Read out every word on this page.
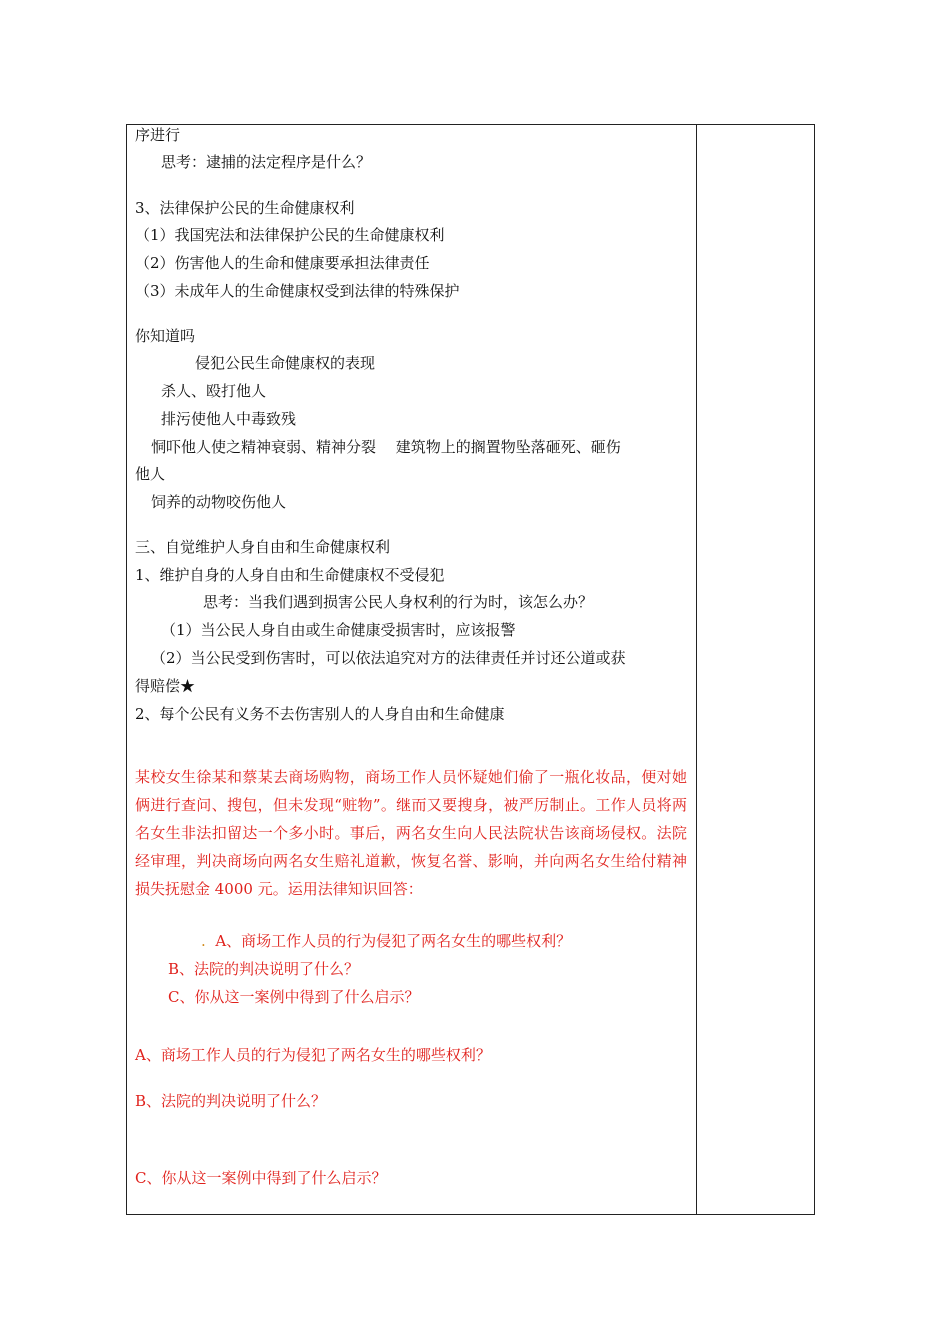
序进行
思考：逮捕的法定程序是什么？
3、法律保护公民的生命健康权利
（1）我国宪法和法律保护公民的生命健康权利
（2）伤害他人的生命和健康要承担法律责任
（3）未成年人的生命健康权受到法律的特殊保护
你知道吗
侵犯公民生命健康权的表现
杀人、殴打他人
排污使他人中毒致残
恫吓他人使之精神衰弱、精神分裂　 建筑物上的搁置物坠落砸死、砸伤
他人
饲养的动物咬伤他人
三、自觉维护人身自由和生命健康权利
1、维护自身的人身自由和生命健康权不受侵犯
思考：当我们遇到损害公民人身权利的行为时，该怎么办？
（1）当公民人身自由或生命健康受损害时，应该报警
（2）当公民受到伤害时，可以依法追究对方的法律责任并讨还公道或获
得赔偿★
2、每个公民有义务不去伤害别人的人身自由和生命健康
某校女生徐某和蔡某去商场购物，商场工作人员怀疑她们偷了一瓶化妆品，便对她俩进行查问、搜包，但未发现“赃物”。继而又要搜身，被严厉制止。工作人员将两名女生非法扣留达一个多小时。事后，两名女生向人民法院状告该商场侵权。法院经审理，判决商场向两名女生赔礼道歉，恢复名誉、影响，并向两名女生给付精神损失抚慰金 4000 元。运用法律知识回答：
. A、商场工作人员的行为侵犯了两名女生的哪些权利？
B、法院的判决说明了什么？
C、你从这一案例中得到了什么启示？
A、商场工作人员的行为侵犯了两名女生的哪些权利？
B、法院的判决说明了什么？
C、你从这一案例中得到了什么启示？
